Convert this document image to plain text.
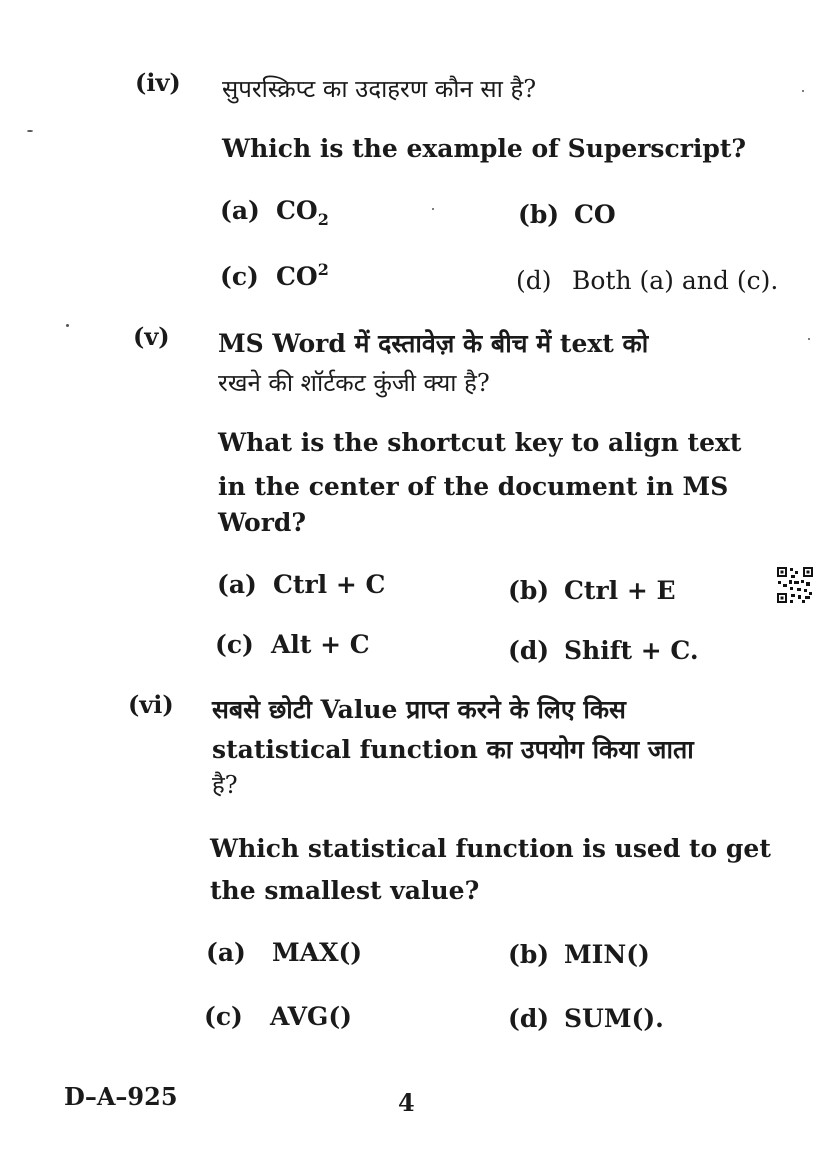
(iv) सुपरस्क्रिप्ट का उदाहरण कौन सा है?
Which is the example of Superscript?
(a) $CO_2$	(b) CO
(c) $CO^2$	(d) Both (a) and (c).
(v) MS Word में दस्तावेज़ के बीच में text को
रखने की शॉर्टकट कुंजी क्या है?
What is the shortcut key to align text
in the center of the document in MS
Word?
(a) Ctrl + C	(b) Ctrl + E
(c) Alt + C	(d) Shift + C.
(vi) सबसे छोटी Value प्राप्त करने के लिए किस
statistical function का उपयोग किया जाता
है?
Which statistical function is used to get
the smallest value?
(a) MAX()	(b) MIN()
(c) AVG()	(d) SUM().
D–A–925	4
